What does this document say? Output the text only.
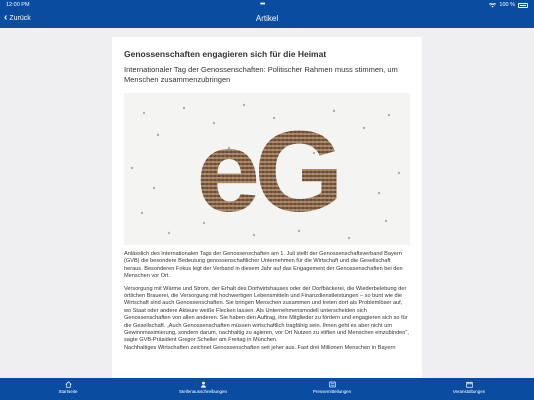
12:00 PM	•••	100 %
‹ Zurück	Artikel
Genossenschaften engagieren sich für die Heimat
Internationaler Tag der Genossenschaften: Politischer Rahmen muss stimmen, um Menschen zusammenzubringen
eG

Anlässlich des Internationalen Tags der Genossenschaften am 1. Juli stellt der Genossenschaftsverband Bayern (GVB) die besondere Bedeutung genossenschaftlicher Unternehmen für die Wirtschaft und die Gesellschaft heraus. Besonderen Fokus legt der Verband in diesem Jahr auf das Engagement der Genossenschaften bei den Menschen vor Ort.

Versorgung mit Wärme und Strom, der Erhalt des Dorfwirtshauses oder der Dorfbäckerei, die Wiederbelebung der örtlichen Brauerei, die Versorgung mit hochwertigen Lebensmitteln und Finanzdienstleistungen – so bunt wie die Wirtschaft sind auch Genossenschaften. Sie bringen Menschen zusammen und treten dort als Problemlöser auf, wo Staat oder andere Akteure weiße Flecken lassen. Als Unternehmensmodell unterscheiden sich Genossenschaften von allen anderen. Sie haben den Auftrag, ihre Mitglieder zu fördern und engagieren sich so für die Gesellschaft. „Auch Genossenschaften müssen wirtschaftlich tragfähig sein. Ihnen geht es aber nicht um Gewinnmaximierung, sondern darum, nachhaltig zu agieren, vor Ort Nutzen zu stiften und Menschen einzubinden", sagte GVB-Präsident Gregor Scheller am Freitag in München.

Nachhaltiges Wirtschaften zeichnet Genossenschaften seit jeher aus. Fast drei Millionen Menschen in Bayern

Startseite	Stellenausschreibungen	Pressemitteilungen	Veranstaltungen
